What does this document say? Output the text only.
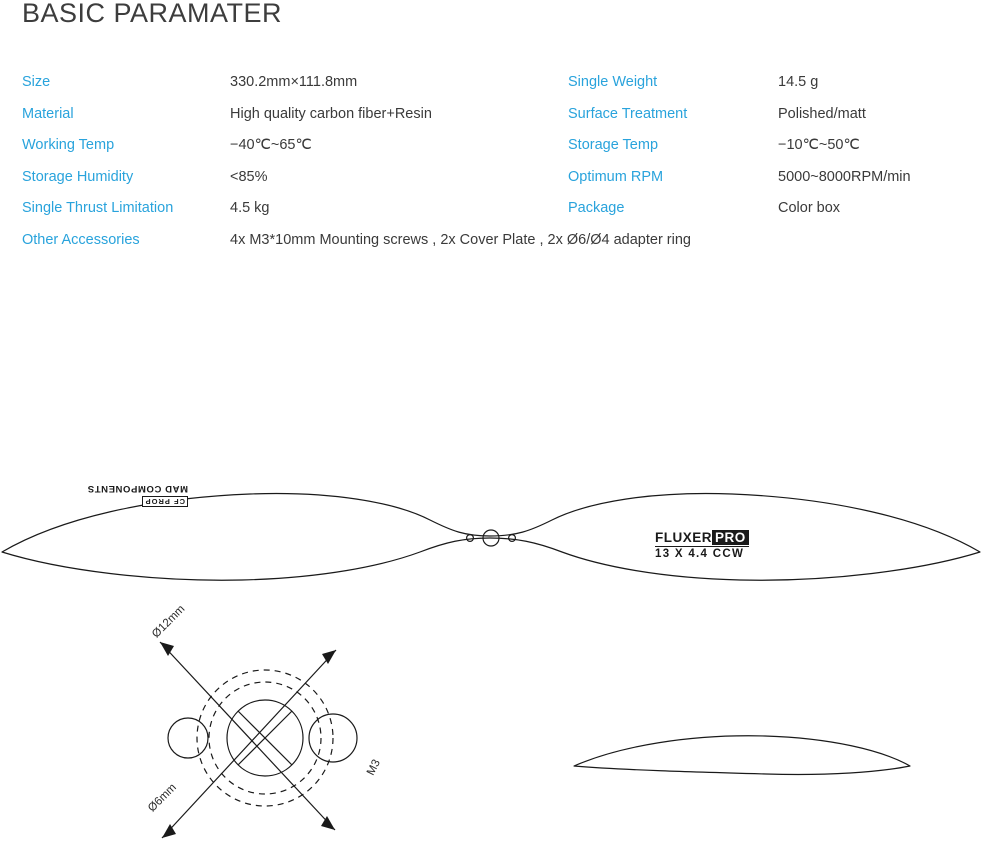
BASIC PARAMATER
Size	330.2mm×111.8mm	Single Weight	14.5 g
Material	High quality carbon fiber+Resin	Surface Treatment	Polished/matt
Working Temp	−40℃~65℃	Storage Temp	−10℃~50℃
Storage Humidity	<85%	Optimum RPM	5000~8000RPM/min
Single Thrust Limitation	4.5 kg	Package	Color box
Other Accessories	4x M3*10mm Mounting screws , 2x Cover Plate , 2x Ø6/Ø4 adapter ring
CF PROP
MAD COMPONENTS
FLUXER PRO
13 X 4.4 CCW
Ø12mm
Ø6mm
M3
